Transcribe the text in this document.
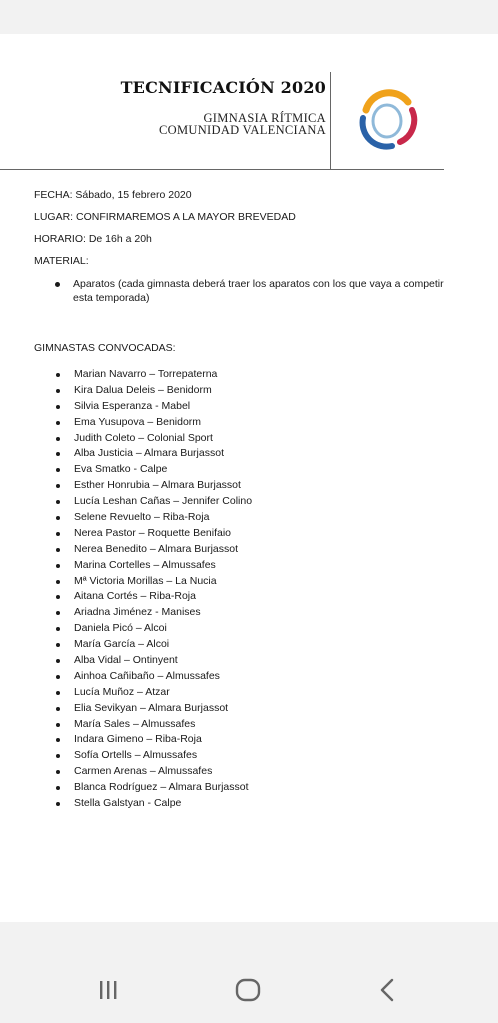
TECNIFICACIÓN 2020
GIMNASIA RÍTMICA
COMUNIDAD VALENCIANA
FECHA: Sábado, 15 febrero 2020
LUGAR: CONFIRMAREMOS A LA MAYOR BREVEDAD
HORARIO: De 16h a 20h
MATERIAL:
Aparatos (cada gimnasta deberá traer los aparatos con los que vaya a competir esta temporada)
GIMNASTAS CONVOCADAS:
Marian Navarro – Torrepaterna
Kira Dalua Deleis – Benidorm
Silvia Esperanza - Mabel
Ema Yusupova – Benidorm
Judith Coleto – Colonial Sport
Alba Justicia – Almara Burjassot
Eva Smatko - Calpe
Esther Honrubia – Almara Burjassot
Lucía Leshan Cañas – Jennifer Colino
Selene Revuelto – Riba-Roja
Nerea Pastor – Roquette Benifaio
Nerea Benedito – Almara Burjassot
Marina Cortelles – Almussafes
Mª Victoria Morillas – La Nucia
Aitana Cortés – Riba-Roja
Ariadna Jiménez - Manises
Daniela Picó – Alcoi
María García – Alcoi
Alba Vidal – Ontinyent
Ainhoa Cañibaño – Almussafes
Lucía Muñoz – Atzar
Elia Sevikyan – Almara Burjassot
María Sales – Almussafes
Indara Gimeno – Riba-Roja
Sofía Ortells – Almussafes
Carmen Arenas – Almussafes
Blanca Rodríguez – Almara Burjassot
Stella Galstyan - Calpe
